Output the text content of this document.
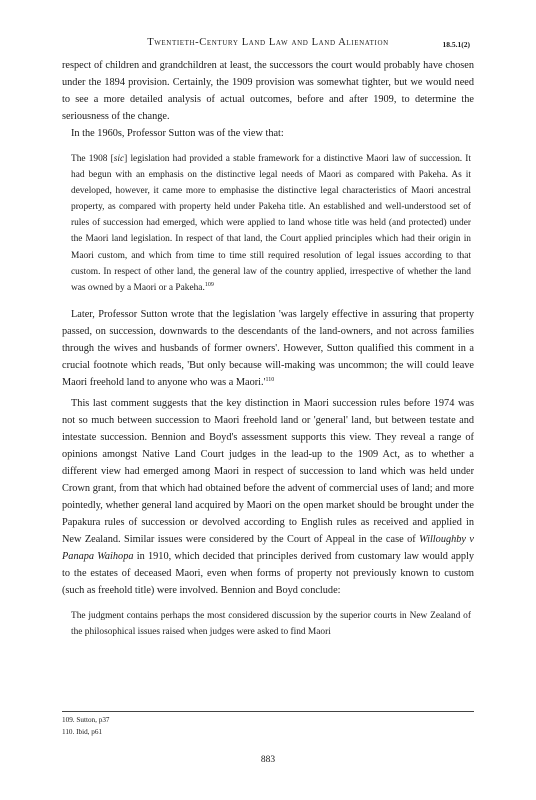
Twentieth-Century Land Law and Land Alienation	18.5.1(2)

respect of children and grandchildren at least, the successors the court would probably have chosen under the 1894 provision. Certainly, the 1909 provision was somewhat tighter, but we would need to see a more detailed analysis of actual outcomes, before and after 1909, to determine the seriousness of the change.

In the 1960s, Professor Sutton was of the view that:

The 1908 [sic] legislation had provided a stable framework for a distinctive Maori law of succession. It had begun with an emphasis on the distinctive legal needs of Maori as compared with Pakeha. As it developed, however, it came more to emphasise the distinctive legal characteristics of Maori ancestral property, as compared with property held under Pakeha title. An established and well-understood set of rules of succession had emerged, which were applied to land whose title was held (and protected) under the Maori land legislation. In respect of that land, the Court applied principles which had their origin in Maori custom, and which from time to time still required resolution of legal issues according to that custom. In respect of other land, the general law of the country applied, irrespective of whether the land was owned by a Maori or a Pakeha.$^{109}$

Later, Professor Sutton wrote that the legislation 'was largely effective in assuring that property passed, on succession, downwards to the descendants of the land-owners, and not across families through the wives and husbands of former owners'. However, Sutton qualified this comment in a crucial footnote which reads, 'But only because will-making was uncommon; the will could leave Maori freehold land to anyone who was a $Maori.'^{110}$

This last comment suggests that the key distinction in Maori succession rules before 1974 was not so much between succession to Maori freehold land or 'general' land, but between testate and intestate succession. Bennion and Boyd's assessment supports this view. They reveal a range of opinions amongst Native Land Court judges in the lead-up to the 1909 Act, as to whether a different view had emerged among Maori in respect of succession to land which was held under Crown grant, from that which had obtained before the advent of commercial uses of land; and more pointedly, whether general land acquired by Maori on the open market should be brought under the Papakura rules of succession or devolved according to English rules as received and applied in New Zealand. Similar issues were considered by the Court of Appeal in the case of Willoughby v Panapa Waihopa in 1910, which decided that principles derived from customary law would apply to the estates of deceased Maori, even when forms of property not previously known to custom (such as freehold title) were involved. Bennion and Boyd conclude:

The judgment contains perhaps the most considered discussion by the superior courts in New Zealand of the philosophical issues raised when judges were asked to find Maori
109. Sutton, p37
110. Ibid, p61
883
